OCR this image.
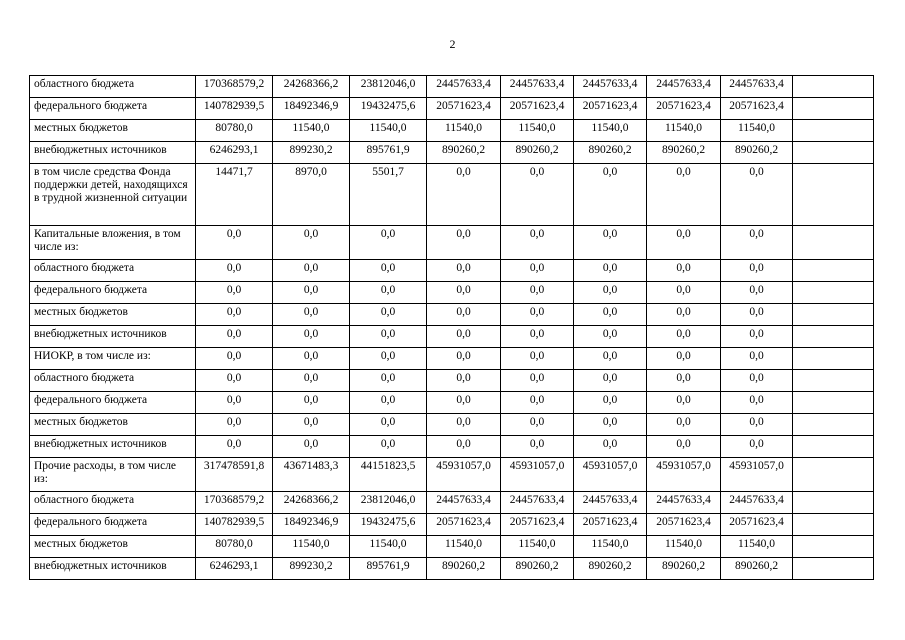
2
областного бюджета	170368579,2	24268366,2	23812046,0	24457633,4	24457633,4	24457633,4	24457633,4	24457633,4	
федерального бюджета	140782939,5	18492346,9	19432475,6	20571623,4	20571623,4	20571623,4	20571623,4	20571623,4	
местных бюджетов	80780,0	11540,0	11540,0	11540,0	11540,0	11540,0	11540,0	11540,0	
внебюджетных источников	6246293,1	899230,2	895761,9	890260,2	890260,2	890260,2	890260,2	890260,2	
в том числе средства Фонда поддержки детей, находящихся в трудной жизненной ситуации	14471,7	8970,0	5501,7	0,0	0,0	0,0	0,0	0,0	
Капитальные вложения, в том числе из:	0,0	0,0	0,0	0,0	0,0	0,0	0,0	0,0	
областного бюджета	0,0	0,0	0,0	0,0	0,0	0,0	0,0	0,0	
федерального бюджета	0,0	0,0	0,0	0,0	0,0	0,0	0,0	0,0	
местных бюджетов	0,0	0,0	0,0	0,0	0,0	0,0	0,0	0,0	
внебюджетных источников	0,0	0,0	0,0	0,0	0,0	0,0	0,0	0,0	
НИОКР, в том числе из:	0,0	0,0	0,0	0,0	0,0	0,0	0,0	0,0	
областного бюджета	0,0	0,0	0,0	0,0	0,0	0,0	0,0	0,0	
федерального бюджета	0,0	0,0	0,0	0,0	0,0	0,0	0,0	0,0	
местных бюджетов	0,0	0,0	0,0	0,0	0,0	0,0	0,0	0,0	
внебюджетных источников	0,0	0,0	0,0	0,0	0,0	0,0	0,0	0,0	
Прочие расходы, в том числе из:	317478591,8	43671483,3	44151823,5	45931057,0	45931057,0	45931057,0	45931057,0	45931057,0	
областного бюджета	170368579,2	24268366,2	23812046,0	24457633,4	24457633,4	24457633,4	24457633,4	24457633,4	
федерального бюджета	140782939,5	18492346,9	19432475,6	20571623,4	20571623,4	20571623,4	20571623,4	20571623,4	
местных бюджетов	80780,0	11540,0	11540,0	11540,0	11540,0	11540,0	11540,0	11540,0	
внебюджетных источников	6246293,1	899230,2	895761,9	890260,2	890260,2	890260,2	890260,2	890260,2	
